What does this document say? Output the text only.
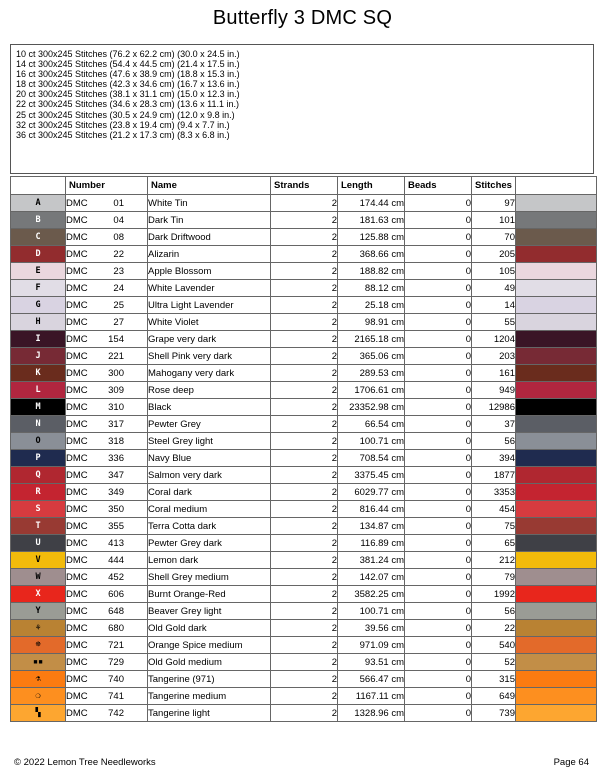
Butterfly 3 DMC SQ
10 ct 300x245 Stitches (76.2 x 62.2 cm) (30.0 x 24.5 in.)
14 ct 300x245 Stitches (54.4 x 44.5 cm) (21.4 x 17.5 in.)
16 ct 300x245 Stitches (47.6 x 38.9 cm) (18.8 x 15.3 in.)
18 ct 300x245 Stitches (42.3 x 34.6 cm) (16.7 x 13.6 in.)
20 ct 300x245 Stitches (38.1 x 31.1 cm) (15.0 x 12.3 in.)
22 ct 300x245 Stitches (34.6 x 28.3 cm) (13.6 x 11.1 in.)
25 ct 300x245 Stitches (30.5 x 24.9 cm) (12.0 x 9.8 in.)
32 ct 300x245 Stitches (23.8 x 19.4 cm) (9.4 x 7.7 in.)
36 ct 300x245 Stitches (21.2 x 17.3 cm) (8.3 x 6.8 in.)
	Number	Name	Strands	Length	Beads	Stitches	
A	DMC 01	White Tin	2	174.44 cm	0	97	
B	DMC 04	Dark Tin	2	181.63 cm	0	101	
C	DMC 08	Dark Driftwood	2	125.88 cm	0	70	
D	DMC 22	Alizarin	2	368.66 cm	0	205	
E	DMC 23	Apple Blossom	2	188.82 cm	0	105	
F	DMC 24	White Lavender	2	88.12 cm	0	49	
G	DMC 25	Ultra Light Lavender	2	25.18 cm	0	14	
H	DMC 27	White Violet	2	98.91 cm	0	55	
I	DMC 154	Grape very dark	2	2165.18 cm	0	1204	
J	DMC 221	Shell Pink very dark	2	365.06 cm	0	203	
K	DMC 300	Mahogany very dark	2	289.53 cm	0	161	
L	DMC 309	Rose deep	2	1706.61 cm	0	949	
M	DMC 310	Black	2	23352.98 cm	0	12986	
N	DMC 317	Pewter Grey	2	66.54 cm	0	37	
O	DMC 318	Steel Grey light	2	100.71 cm	0	56	
P	DMC 336	Navy Blue	2	708.54 cm	0	394	
Q	DMC 347	Salmon very dark	2	3375.45 cm	0	1877	
R	DMC 349	Coral dark	2	6029.77 cm	0	3353	
S	DMC 350	Coral medium	2	816.44 cm	0	454	
T	DMC 355	Terra Cotta dark	2	134.87 cm	0	75	
U	DMC 413	Pewter Grey dark	2	116.89 cm	0	65	
V	DMC 444	Lemon dark	2	381.24 cm	0	212	
W	DMC 452	Shell Grey medium	2	142.07 cm	0	79	
X	DMC 606	Burnt Orange-Red	2	3582.25 cm	0	1992	
Y	DMC 648	Beaver Grey light	2	100.71 cm	0	56	
⚘	DMC 680	Old Gold dark	2	39.56 cm	0	22	
☸	DMC 721	Orange Spice medium	2	971.09 cm	0	540	
▪▪	DMC 729	Old Gold medium	2	93.51 cm	0	52	
⚗	DMC 740	Tangerine (971)	2	566.47 cm	0	315	
❍	DMC 741	Tangerine medium	2	1167.11 cm	0	649	
▚	DMC 742	Tangerine light	2	1328.96 cm	0	739	
© 2022 Lemon Tree Needleworks	Page 64
